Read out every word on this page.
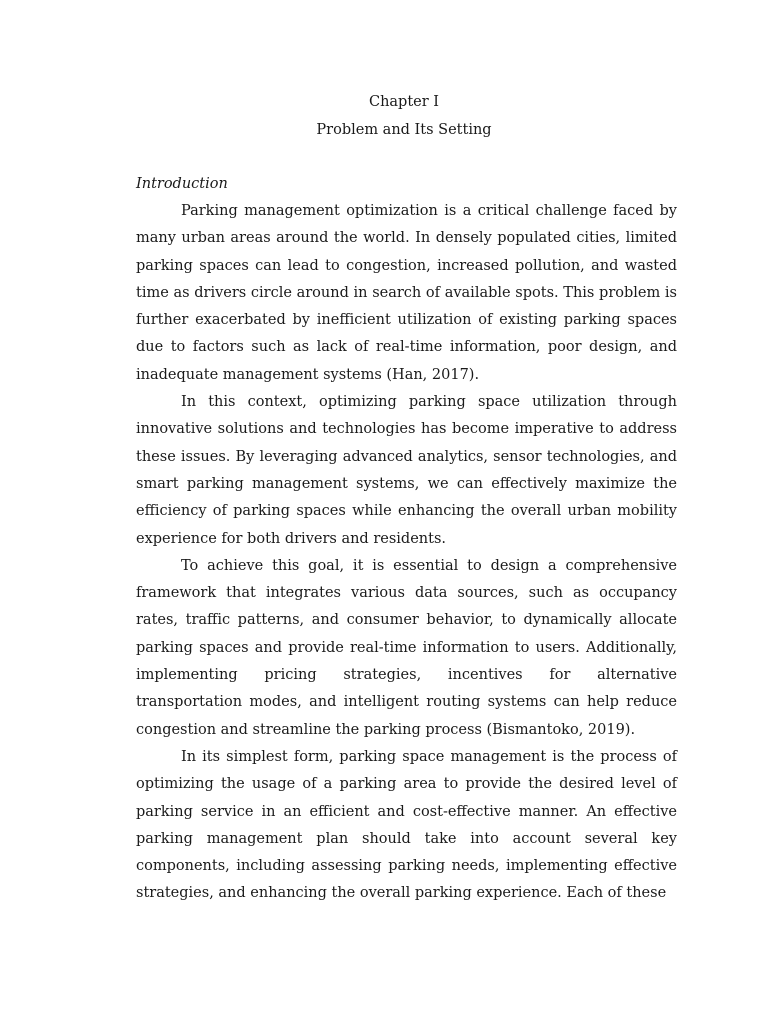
Chapter I
Problem and Its Setting
Introduction

Parking management optimization is a critical challenge faced by many urban areas around the world. In densely populated cities, limited parking spaces can lead to congestion, increased pollution, and wasted time as drivers circle around in search of available spots. This problem is further exacerbated by inefficient utilization of existing parking spaces due to factors such as lack of real-time information, poor design, and inadequate management systems (Han, 2017).

In this context, optimizing parking space utilization through innovative solutions and technologies has become imperative to address these issues. By leveraging advanced analytics, sensor technologies, and smart parking management systems, we can effectively maximize the efficiency of parking spaces while enhancing the overall urban mobility experience for both drivers and residents.

To achieve this goal, it is essential to design a comprehensive framework that integrates various data sources, such as occupancy rates, traffic patterns, and consumer behavior, to dynamically allocate parking spaces and provide real-time information to users. Additionally, implementing pricing strategies, incentives for alternative transportation modes, and intelligent routing systems can help reduce congestion and streamline the parking process (Bismantoko, 2019).

In its simplest form, parking space management is the process of optimizing the usage of a parking area to provide the desired level of parking service in an efficient and cost-effective manner. An effective parking management plan should take into account several key components, including assessing parking needs, implementing effective strategies, and enhancing the overall parking experience. Each of these
